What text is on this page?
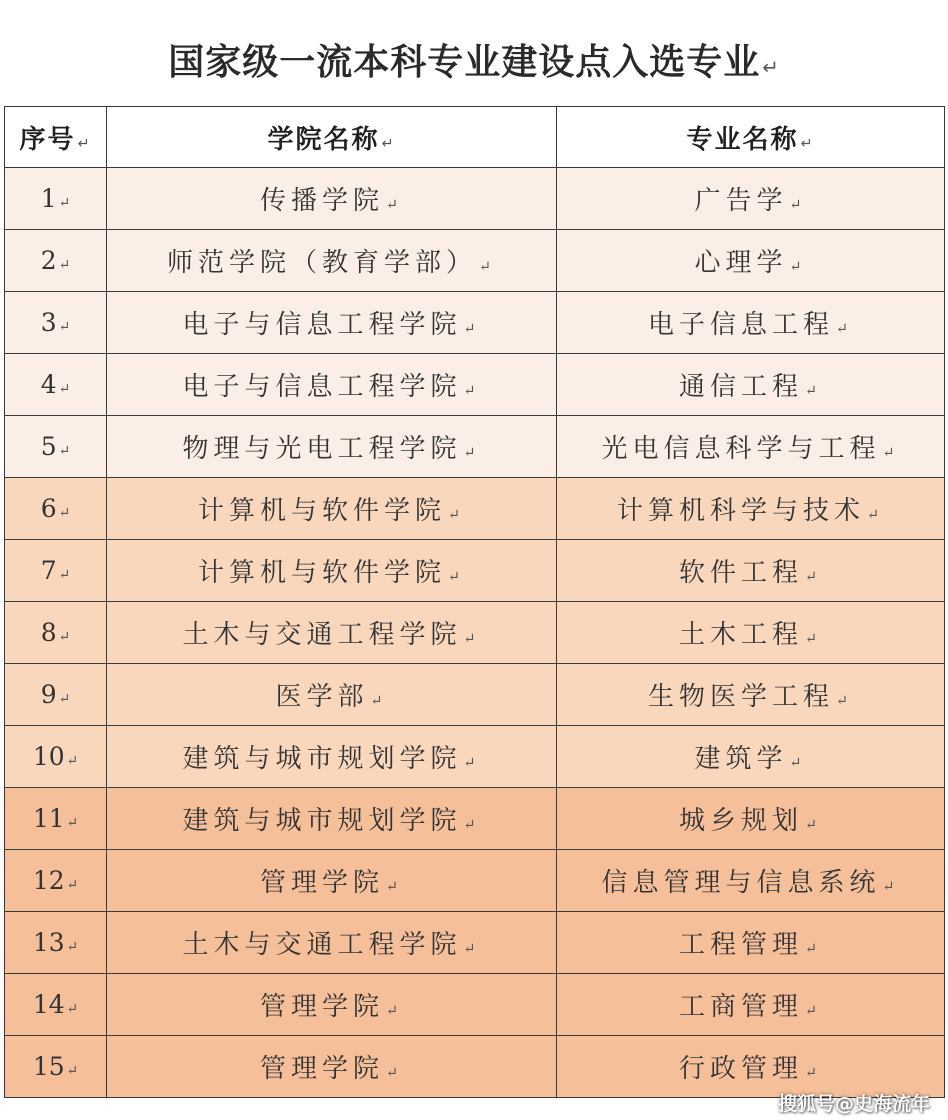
国家级一流本科专业建设点入选专业 ↵
序号 ↵	学院名称 ↵	专业名称 ↵
1 ↵	传播学院 ↵	广告学 ↵
2 ↵	师范学院（教育学部） ↵	心理学 ↵
3 ↵	电子与信息工程学院 ↵	电子信息工程 ↵
4 ↵	电子与信息工程学院 ↵	通信工程 ↵
5 ↵	物理与光电工程学院 ↵	光电信息科学与工程 ↵
6 ↵	计算机与软件学院 ↵	计算机科学与技术 ↵
7 ↵	计算机与软件学院 ↵	软件工程 ↵
8 ↵	土木与交通工程学院 ↵	土木工程 ↵
9 ↵	医学部 ↵	生物医学工程 ↵
10 ↵	建筑与城市规划学院 ↵	建筑学 ↵
11 ↵	建筑与城市规划学院 ↵	城乡规划 ↵
12 ↵	管理学院 ↵	信息管理与信息系统 ↵
13 ↵	土木与交通工程学院 ↵	工程管理 ↵
14 ↵	管理学院 ↵	工商管理 ↵
15 ↵	管理学院 ↵	行政管理 ↵
搜狐号@史海流年
